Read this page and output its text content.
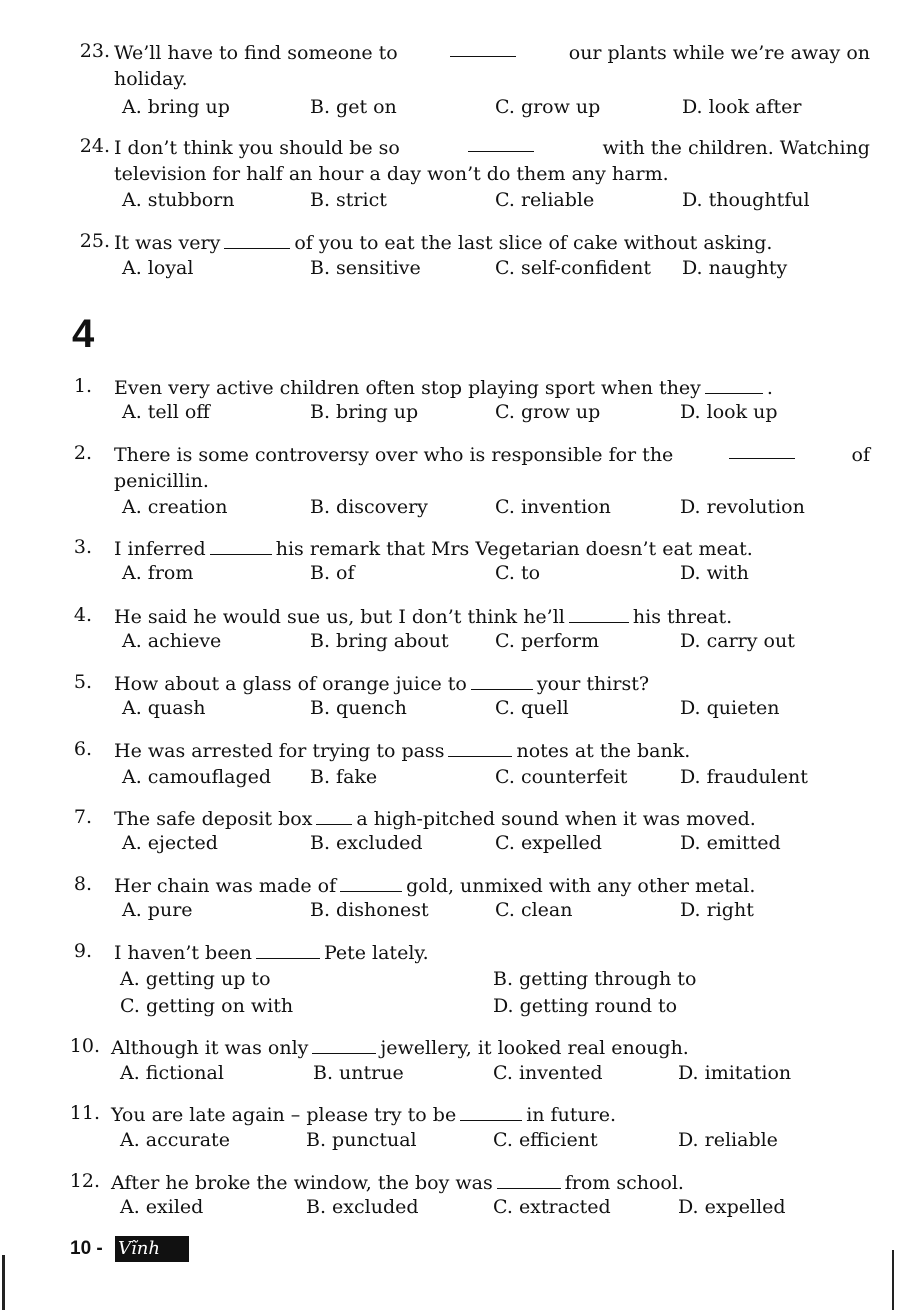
23. We’ll have to find someone to	our plants while we’re away on
holiday.
A. bring up	B. get on	C. grow up	D. look after
24. I don’t think you should be so	with the children. Watching
television for half an hour a day won’t do them any harm.
A. stubborn	B. strict	C. reliable	D. thoughtful
25. It was very	of you to eat the last slice of cake without asking.
A. loyal	B. sensitive	C. self-confident D. naughty
4
1. Even very active children often stop playing sport when they	.
A. tell off	B. bring up	C. grow up	D. look up
2. There is some controversy over who is responsible for the	of
penicillin.
A. creation	B. discovery	C. invention	D. revolution
3. I inferred	his remark that Mrs Vegetarian doesn’t eat meat.
A. from	B. of	C. to	D. with
4. He said he would sue us, but I don’t think he’ll	his threat.
A. achieve	B. bring about C. perform	D. carry out
5. How about a glass of orange juice to	your thirst?
A. quash	B. quench	C. quell	D. quieten
6. He was arrested for trying to pass	notes at the bank.
A. camouflaged B. fake	C. counterfeit	D. fraudulent
7. The safe deposit box a high-pitched sound when it was moved.
A. ejected	B. excluded	C. expelled	D. emitted
8. Her chain was made of	gold, unmixed with any other metal.
A. pure	B. dishonest	C. clean	D. right
9. I haven’t been	Pete lately.
A. getting up to	B. getting through to
C. getting on with	D. getting round to
10. Although it was only	jewellery, it looked real enough.
A. fictional	B. untrue	C. invented	D. imitation
11. You are late again – please try to be	in future.
A. accurate	B. punctual	C. efficient	D. reliable
12. After he broke the window, the boy was	from school.
A. exiled	B. excluded	C. extracted	D. expelled
10 - Vĩnh Bả
